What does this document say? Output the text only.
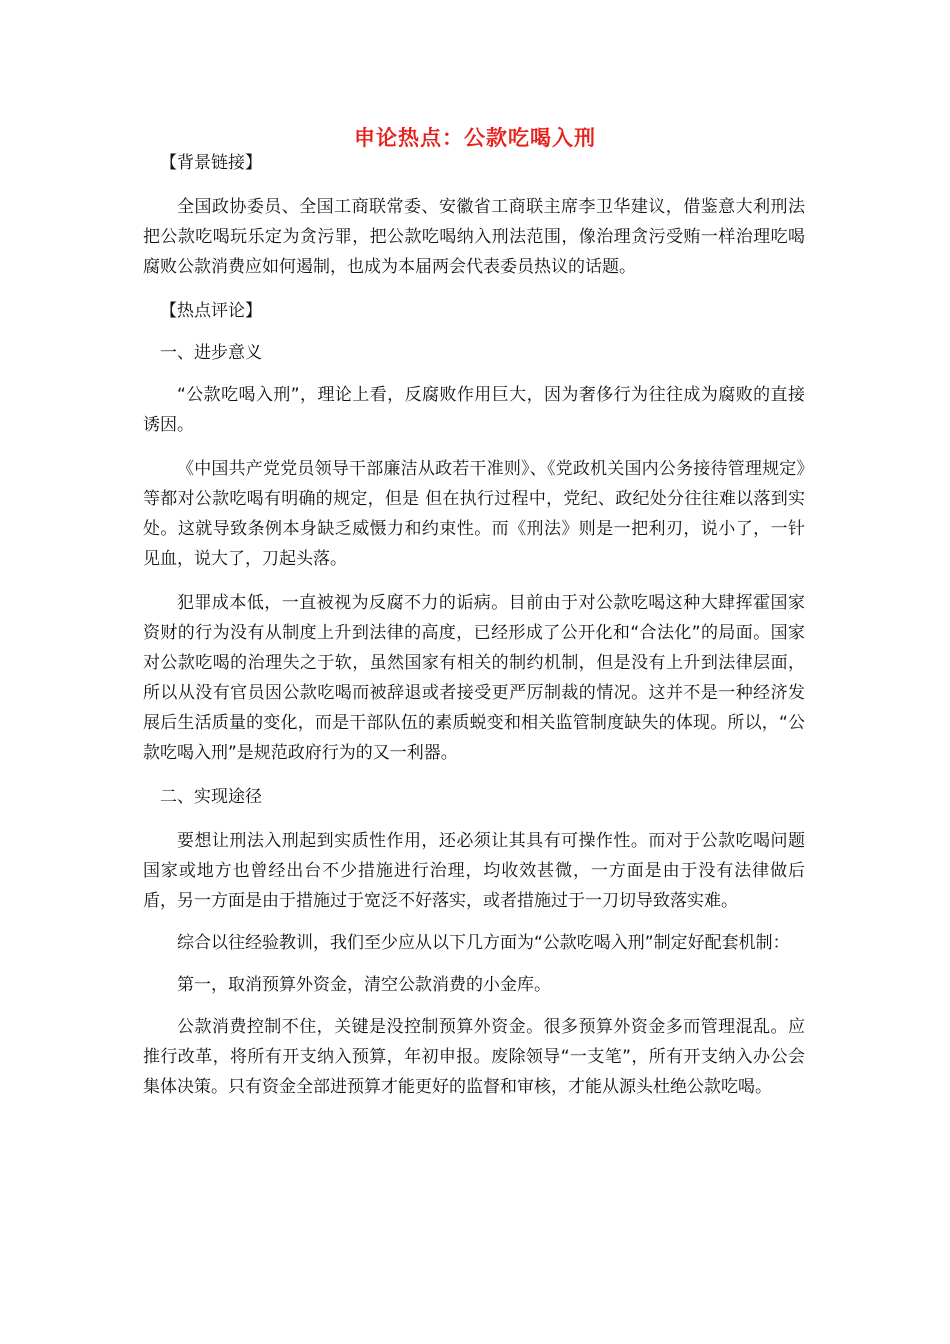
申论热点：公款吃喝入刑

【背景链接】

全国政协委员、全国工商联常委、安徽省工商联主席李卫华建议，借鉴意大利刑法把公款吃喝玩乐定为贪污罪，把公款吃喝纳入刑法范围，像治理贪污受贿一样治理吃喝腐败公款消费应如何遏制，也成为本届两会代表委员热议的话题。

【热点评论】

一、进步意义

“公款吃喝入刑”，理论上看，反腐败作用巨大，因为奢侈行为往往成为腐败的直接诱因。

《中国共产党党员领导干部廉洁从政若干准则》、《党政机关国内公务接待管理规定》等都对公款吃喝有明确的规定，但是 但在执行过程中，党纪、政纪处分往往难以落到实处。这就导致条例本身缺乏威慑力和约束性。而《刑法》则是一把利刃，说小了，一针见血，说大了，刀起头落。

犯罪成本低，一直被视为反腐不力的诟病。目前由于对公款吃喝这种大肆挥霍国家资财的行为没有从制度上升到法律的高度，已经形成了公开化和“合法化”的局面。国家对公款吃喝的治理失之于软，虽然国家有相关的制约机制，但是没有上升到法律层面，所以从没有官员因公款吃喝而被辞退或者接受更严厉制裁的情况。这并不是一种经济发展后生活质量的变化，而是干部队伍的素质蜕变和相关监管制度缺失的体现。所以，“公款吃喝入刑”是规范政府行为的又一利器。

二、实现途径

要想让刑法入刑起到实质性作用，还必须让其具有可操作性。而对于公款吃喝问题国家或地方也曾经出台不少措施进行治理，均收效甚微，一方面是由于没有法律做后盾，另一方面是由于措施过于宽泛不好落实，或者措施过于一刀切导致落实难。

综合以往经验教训，我们至少应从以下几方面为“公款吃喝入刑”制定好配套机制：

第一，取消预算外资金，清空公款消费的小金库。

公款消费控制不住，关键是没控制预算外资金。很多预算外资金多而管理混乱。应推行改革，将所有开支纳入预算，年初申报。废除领导“一支笔”，所有开支纳入办公会集体决策。只有资金全部进预算才能更好的监督和审核，才能从源头杜绝公款吃喝。
